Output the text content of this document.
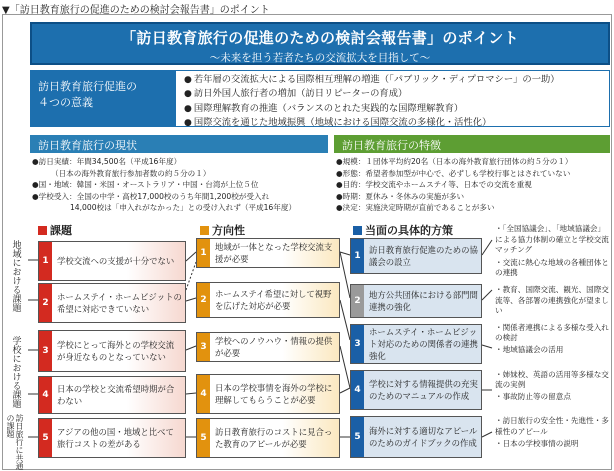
▼「訪日教育旅行の促進のための検討会報告書」のポイント
「訪日教育旅行の促進のための検討会報告書」のポイント
〜未来を担う若者たちの交流拡大を目指して〜
訪日教育旅行促進の
４つの意義
● 若年層の交流拡大による国際相互理解の増進（「パブリック・ディプロマシー」の一助）
● 訪日外国人旅行者の増加（訪日リピーターの育成）
● 国際理解教育の推進（バランスのとれた実践的な国際理解教育）
● 国際交流を通じた地域振興（地域における国際交流の多様化・活性化）
訪日教育旅行の現状
●訪日実績：年間34,500名（平成16年度）
　　　（日本の海外教育旅行参加者数の約５分の１）
●国・地域：韓国・米国・オーストラリア・中国・台湾が上位５位
●学校受入：全国の中学・高校17,000校のうち年間1,200校が受入れ
　　　　　14,000校は「申入れがなかった」との受け入れず（平成16年度）
訪日教育旅行の特徴
●規模：１団体平均約20名（日本の海外教育旅行団体の約５分の１）
●形態：希望者参加型が中心で、必ずしも学校行事とはされていない
●目的：学校交流やホームステイ等、日本での交流を重視
●時期：夏休み・冬休みの実施が多い
●決定：実施決定時期が直前であることが多い
課題	方向性	当面の具体的方策
地域における課題
学校における課題
訪日旅行に共通の課題
1 学校交流への支援が十分でない
2
ホームステイ・ホームビジットの希望に対応できていない
3
学校にとって海外との学校交流が身近なものとなっていない
4
日本の学校と交流希望時期が合わない
5
アジアの他の国・地域と比べて旅行コストの差がある
1
地域が一体となった学校交流支援が必要
2
ホームステイ希望に対して視野を広げた対応が必要
3
学校へのノウハウ・情報の提供が必要
4
日本の学校事情を海外の学校に理解してもらうことが必要
5
訪日教育旅行のコストに見合った教育のアピールが必要
1
訪日教育旅行促進のための協議会の設立
2
地方公共団体における部門間連携の強化
3
ホームステイ・ホームビジット対応のための関係者の連携強化
4
学校に対する情報提供の充実のためのマニュアルの作成
5
海外に対する適切なアピールのためのガイドブックの作成

・「全国協議会」、「地域協議会」による協力体制の確立と学校交流マッチング

・交流に熱心な地域の各種団体との連携

・教育、国際交流、観光、国際交流等、各部署の連携強化が望ましい

・関係者連携による多様な受入れの検討

・地域協議会の活用

・姉妹校、英語の活用等多様な交流の実例

・事故防止等の留意点

・訪日旅行の安全性・先進性・多様性のアピール

・日本の学校事情の説明
